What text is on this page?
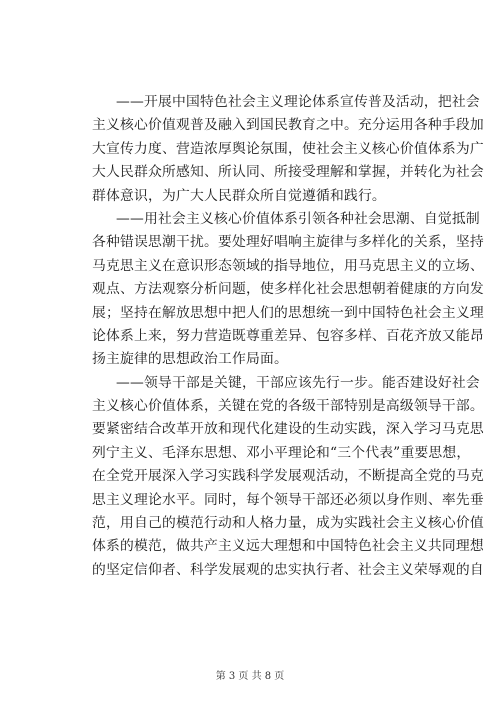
——开展中国特色社会主义理论体系宣传普及活动，把社会
主义核心价值观普及融入到国民教育之中。充分运用各种手段加
大宣传力度、营造浓厚舆论氛围，使社会主义核心价值体系为广
大人民群众所感知、所认同、所接受理解和掌握，并转化为社会
群体意识，为广大人民群众所自觉遵循和践行。
——用社会主义核心价值体系引领各种社会思潮、自觉抵制
各种错误思潮干扰。要处理好唱响主旋律与多样化的关系，坚持
马克思主义在意识形态领域的指导地位，用马克思主义的立场、
观点、方法观察分析问题，使多样化社会思想朝着健康的方向发
展；坚持在解放思想中把人们的思想统一到中国特色社会主义理
论体系上来，努力营造既尊重差异、包容多样、百花齐放又能昂
扬主旋律的思想政治工作局面。
——领导干部是关键，干部应该先行一步。能否建设好社会
主义核心价值体系，关键在党的各级干部特别是高级领导干部。
要紧密结合改革开放和现代化建设的生动实践，深入学习马克思
列宁主义、毛泽东思想、邓小平理论和“三个代表”重要思想，
在全党开展深入学习实践科学发展观活动，不断提高全党的马克
思主义理论水平。同时，每个领导干部还必须以身作则、率先垂
范，用自己的模范行动和人格力量，成为实践社会主义核心价值
体系的模范，做共产主义远大理想和中国特色社会主义共同理想
的坚定信仰者、科学发展观的忠实执行者、社会主义荣辱观的自
第 3 页 共 8 页
